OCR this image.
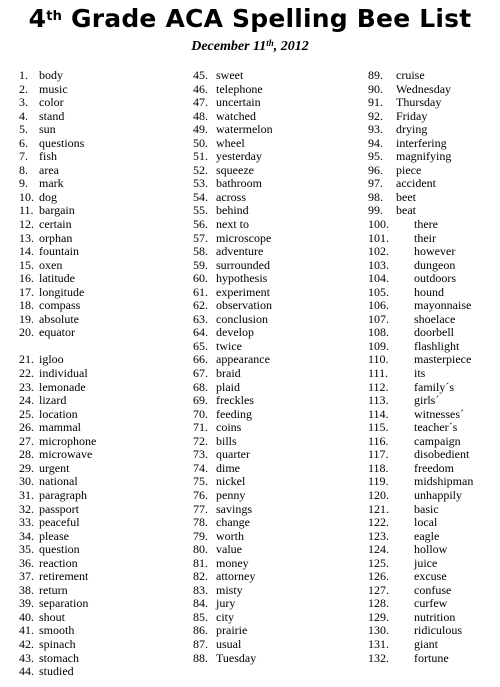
4th Grade ACA Spelling Bee List
December 11th, 2012
1. body
2. music
3. color
4. stand
5. sun
6. questions
7. fish
8. area
9. mark
10. dog
11. bargain
12. certain
13. orphan
14. fountain
15. oxen
16. latitude
17. longitude
18. compass
19. absolute
20. equator
21. igloo
22. individual
23. lemonade
24. lizard
25. location
26. mammal
27. microphone
28. microwave
29. urgent
30. national
31. paragraph
32. passport
33. peaceful
34. please
35. question
36. reaction
37. retirement
38. return
39. separation
40. shout
41. smooth
42. spinach
43. stomach
44. studied
45. sweet
46. telephone
47. uncertain
48. watched
49. watermelon
50. wheel
51. yesterday
52. squeeze
53. bathroom
54. across
55. behind
56. next to
57. microscope
58. adventure
59. surrounded
60. hypothesis
61. experiment
62. observation
63. conclusion
64. develop
65. twice
66. appearance
67. braid
68. plaid
69. freckles
70. feeding
71. coins
72. bills
73. quarter
74. dime
75. nickel
76. penny
77. savings
78. change
79. worth
80. value
81. money
82. attorney
83. misty
84. jury
85. city
86. prairie
87. usual
88. Tuesday
89. cruise
90. Wednesday
91. Thursday
92. Friday
93. drying
94. interfering
95. magnifying
96. piece
97. accident
98. beet
99. beat
100. there
101. their
102. however
103. dungeon
104. outdoors
105. hound
106. mayonnaise
107. shoelace
108. doorbell
109. flashlight
110. masterpiece
111. its
112. family´s
113. girls´
114. witnesses´
115. teacher´s
116. campaign
117. disobedient
118. freedom
119. midshipman
120. unhappily
121. basic
122. local
123. eagle
124. hollow
125. juice
126. excuse
127. confuse
128. curfew
129. nutrition
130. ridiculous
131. giant
132. fortune
